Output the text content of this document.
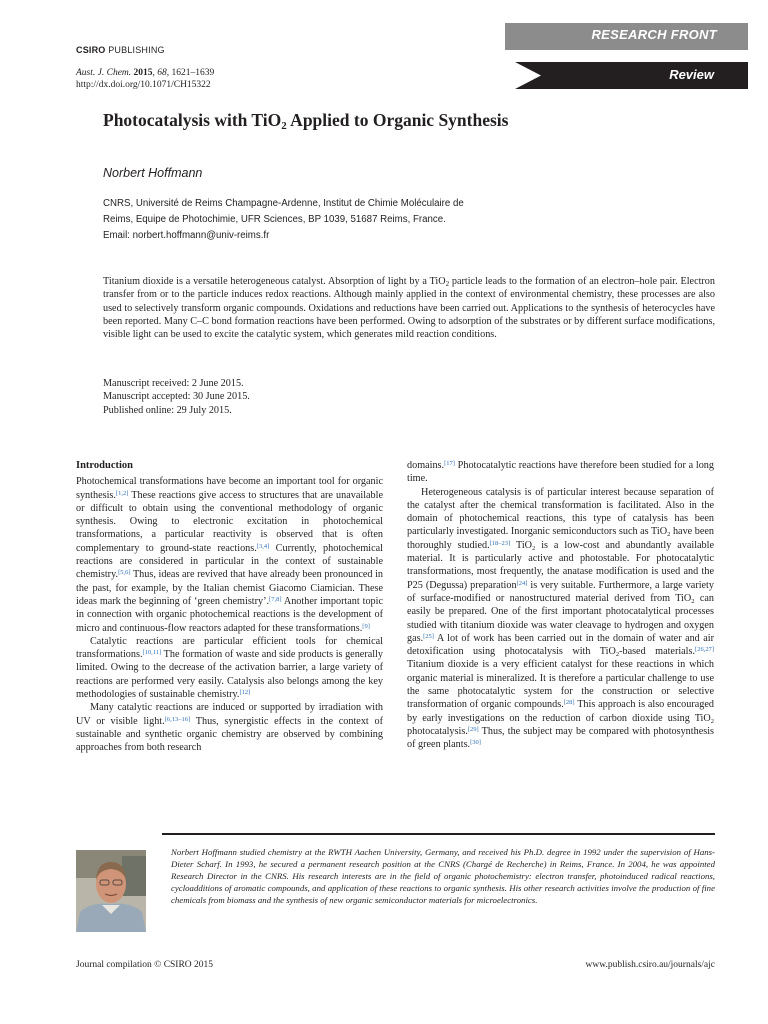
CSIRO PUBLISHING
Aust. J. Chem. 2015, 68, 1621–1639
http://dx.doi.org/10.1071/CH15322
RESEARCH FRONT
Review
Photocatalysis with TiO$_2$ Applied to Organic Synthesis
Norbert Hoffmann
CNRS, Université de Reims Champagne-Ardenne, Institut de Chimie Moléculaire de
Reims, Equipe de Photochimie, UFR Sciences, BP 1039, 51687 Reims, France.
Email: norbert.hoffmann@univ-reims.fr
Titanium dioxide is a versatile heterogeneous catalyst. Absorption of light by a TiO$_2$ particle leads to the formation of an electron–hole pair. Electron transfer from or to the particle induces redox reactions. Although mainly applied in the context of environmental chemistry, these processes are also used to selectively transform organic compounds. Oxidations and reductions have been carried out. Applications to the synthesis of heterocycles have been reported. Many C–C bond formation reactions have been performed. Owing to adsorption of the substrates or by different surface modifications, visible light can be used to excite the catalytic system, which generates mild reaction conditions.
Manuscript received: 2 June 2015.
Manuscript accepted: 30 June 2015.
Published online: 29 July 2015.
Introduction

Photochemical transformations have become an important tool for organic synthesis.[1,2] These reactions give access to structures that are unavailable or difficult to obtain using the conventional methodology of organic synthesis. Owing to electronic excitation in photochemical transformations, a particular reactivity is observed that is often complementary to ground-state reactions.[3,4] Currently, photochemical reactions are considered in particular in the context of sustainable chemistry.[5,6] Thus, ideas are revived that have already been pronounced in the past, for example, by the Italian chemist Giacomo Ciamician. These ideas mark the beginning of ‘green chemistry’.[7,8] Another important topic in connection with organic photochemical reactions is the development of micro and continuous-flow reactors adapted for these transformations.[9]

Catalytic reactions are particular efficient tools for chemical transformations.[10,11] The formation of waste and side products is generally limited. Owing to the decrease of the activation barrier, a large variety of reactions are performed very easily. Catalysis also belongs among the key methodologies of sustainable chemistry.[12]

Many catalytic reactions are induced or supported by irradiation with UV or visible light.[6,13–16] Thus, synergistic effects in the context of sustainable and synthetic organic chemistry are observed by combining approaches from both research

domains.[17] Photocatalytic reactions have therefore been studied for a long time.

Heterogeneous catalysis is of particular interest because separation of the catalyst after the chemical transformation is facilitated. Also in the domain of photochemical reactions, this type of catalysis has been particularly investigated. Inorganic semiconductors such as TiO$_2$ have been thoroughly studied.[18–23] TiO$_2$ is a low-cost and abundantly available material. It is particularly active and photostable. For photocatalytic transformations, most frequently, the anatase modification is used and the P25 (Degussa) preparation[24] is very suitable. Furthermore, a large variety of surface-modified or nanostructured material derived from TiO$_2$ can easily be prepared. One of the first important photocatalytical processes studied with titanium dioxide was water cleavage to hydrogen and oxygen gas.[25] A lot of work has been carried out in the domain of water and air detoxification using photocatalysis with TiO$_2$-based materials.[26,27] Titanium dioxide is a very efficient catalyst for these reactions in which organic material is mineralized. It is therefore a particular challenge to use the same photocatalytic system for the construction or selective transformation of organic compounds.[28] This approach is also encouraged by early investigations on the reduction of carbon dioxide using TiO$_2$ photocatalysis.[29] Thus, the subject may be compared with photosynthesis of green plants.[30]

Norbert Hoffmann studied chemistry at the RWTH Aachen University, Germany, and received his Ph.D. degree in 1992 under the supervision of Hans-Dieter Scharf. In 1993, he secured a permanent research position at the CNRS (Chargé de Recherche) in Reims, France. In 2004, he was appointed Research Director in the CNRS. His research interests are in the field of organic photochemistry: electron transfer, photoinduced radical reactions, cycloadditions of aromatic compounds, and application of these reactions to organic synthesis. His other research activities involve the production of fine chemicals from biomass and the synthesis of new organic semiconductor materials for microelectronics.
Journal compilation © CSIRO 2015	www.publish.csiro.au/journals/ajc
